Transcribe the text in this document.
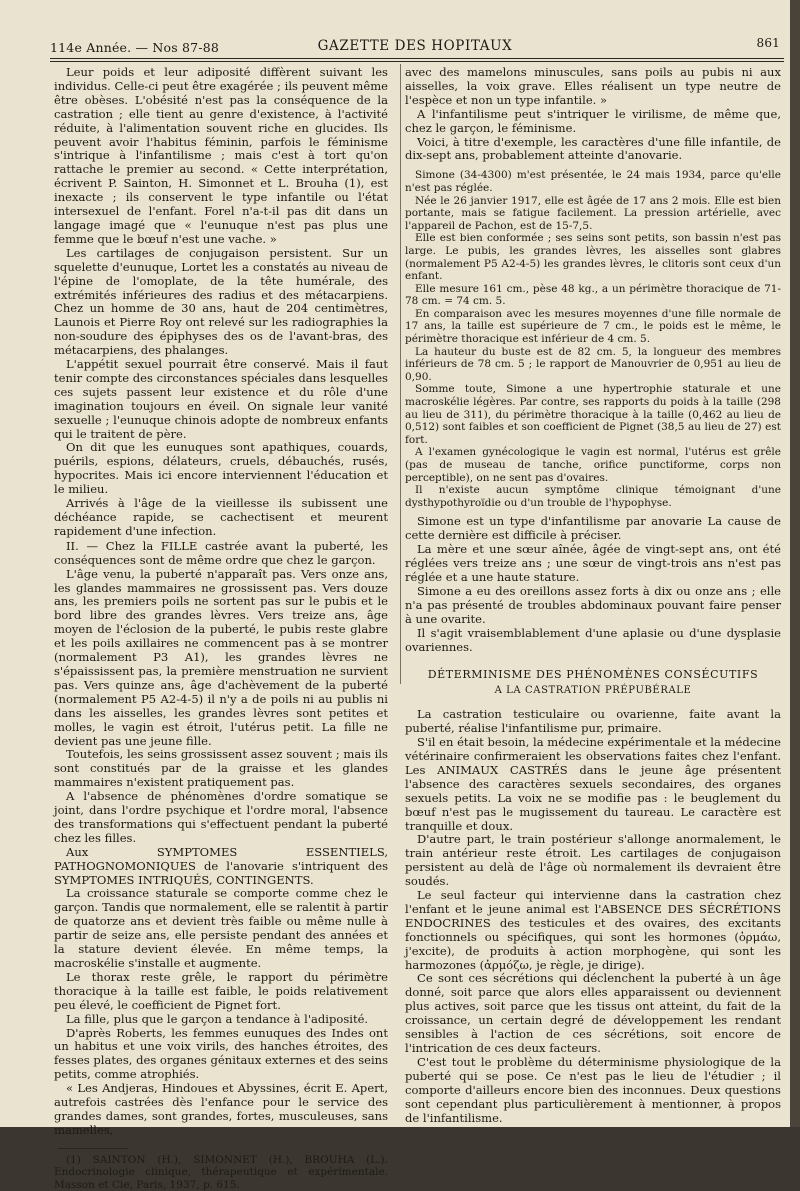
114e Année. — Nos 87-88	GAZETTE DES HOPITAUX	861

Leur poids et leur adiposité diffèrent suivant les individus. Celle-ci peut être exagérée ; ils peuvent même être obèses. L'obésité n'est pas la conséquence de la castration ; elle tient au genre d'existence, à l'activité réduite, à l'alimentation souvent riche en glucides. Ils peuvent avoir l'habitus féminin, parfois le féminisme s'intrique à l'infantilisme ; mais c'est à tort qu'on rattache le premier au second. « Cette interprétation, écrivent P. Sainton, H. Simonnet et L. Brouha (1), est inexacte ; ils conservent le type infantile ou l'état intersexuel de l'enfant. Forel n'a-t-il pas dit dans un langage imagé que « l'eunuque n'est pas plus une femme que le bœuf n'est une vache. »

Les cartilages de conjugaison persistent. Sur un squelette d'eunuque, Lortet les a constatés au niveau de l'épine de l'omoplate, de la tête humérale, des extrémités inférieures des radius et des métacarpiens. Chez un homme de 30 ans, haut de 204 centimètres, Launois et Pierre Roy ont relevé sur les radiographies la non-soudure des épiphyses des os de l'avant-bras, des métacarpiens, des phalanges.

L'appétit sexuel pourrait être conservé. Mais il faut tenir compte des circonstances spéciales dans lesquelles ces sujets passent leur existence et du rôle d'une imagination toujours en éveil. On signale leur vanité sexuelle ; l'eunuque chinois adopte de nombreux enfants qui le traitent de père.

On dit que les eunuques sont apathiques, couards, puérils, espions, délateurs, cruels, débauchés, rusés, hypocrites. Mais ici encore interviennent l'éducation et le milieu.

Arrivés à l'âge de la vieillesse ils subissent une déchéance rapide, se cachectisent et meurent rapidement d'une infection.

II. — Chez la FILLE castrée avant la puberté, les conséquences sont de même ordre que chez le garçon.

L'âge venu, la puberté n'apparaît pas. Vers onze ans, les glandes mammaires ne grossissent pas. Vers douze ans, les premiers poils ne sortent pas sur le pubis et le bord libre des grandes lèvres. Vers treize ans, âge moyen de l'éclosion de la puberté, le pubis reste glabre et les poils axillaires ne commencent pas à se montrer (normalement P3 A1), les grandes lèvres ne s'épaississent pas, la première menstruation ne survient pas. Vers quinze ans, âge d'achèvement de la puberté (normalement P5 A2-4-5) il n'y a de poils ni au publis ni dans les aisselles, les grandes lèvres sont petites et molles, le vagin est étroit, l'utérus petit. La fille ne devient pas une jeune fille.

Toutefois, les seins grossissent assez souvent ; mais ils sont constitués par de la graisse et les glandes mammaires n'existent pratiquement pas.

A l'absence de phénomènes d'ordre somatique se joint, dans l'ordre psychique et l'ordre moral, l'absence des transformations qui s'effectuent pendant la puberté chez les filles.

Aux SYMPTOMES ESSENTIELS, PATHOGNOMONIQUES de l'anovarie s'intriquent des SYMPTOMES INTRIQUÉS, CONTINGENTS.

La croissance staturale se comporte comme chez le garçon. Tandis que normalement, elle se ralentit à partir de quatorze ans et devient très faible ou même nulle à partir de seize ans, elle persiste pendant des années et la stature devient élevée. En même temps, la macroskélie s'installe et augmente.

Le thorax reste grêle, le rapport du périmètre thoracique à la taille est faible, le poids relativement peu élevé, le coefficient de Pignet fort.

La fille, plus que le garçon a tendance à l'adiposité.

D'après Roberts, les femmes eunuques des Indes ont un habitus et une voix virils, des hanches étroites, des fesses plates, des organes génitaux externes et des seins petits, comme atrophiés.

« Les Andjeras, Hindoues et Abyssines, écrit E. Apert, autrefois castrées dès l'enfance pour le service des grandes dames, sont grandes, fortes, musculeuses, sans mamelles,

(1) SAINTON (H.), SIMONNET (H.), BROUHA (L.). Endocrinologie clinique, thérapeutique et expérimentale. Masson et Cie, Paris, 1937, p. 615.

avec des mamelons minuscules, sans poils au pubis ni aux aisselles, la voix grave. Elles réalisent un type neutre de l'espèce et non un type infantile. »

A l'infantilisme peut s'intriquer le virilisme, de même que, chez le garçon, le féminisme.

Voici, à titre d'exemple, les caractères d'une fille infantile, de dix-sept ans, probablement atteinte d'anovarie.

Simone (34-4300) m'est présentée, le 24 mais 1934, parce qu'elle n'est pas réglée.

Née le 26 janvier 1917, elle est âgée de 17 ans 2 mois. Elle est bien portante, mais se fatigue facilement. La pression artérielle, avec l'appareil de Pachon, est de 15-7,5.

Elle est bien conformée ; ses seins sont petits, son bassin n'est pas large. Le pubis, les grandes lèvres, les aisselles sont glabres (normalement P5 A2-4-5) les grandes lèvres, le clitoris sont ceux d'un enfant.

Elle mesure 161 cm., pèse 48 kg., a un périmètre thoracique de 71-78 cm. = 74 cm. 5.

En comparaison avec les mesures moyennes d'une fille normale de 17 ans, la taille est supérieure de 7 cm., le poids est le même, le périmètre thoracique est inférieur de 4 cm. 5.

La hauteur du buste est de 82 cm. 5, la longueur des membres inférieurs de 78 cm. 5 ; le rapport de Manouvrier de 0,951 au lieu de 0,90.

Somme toute, Simone a une hypertrophie staturale et une macroskélie légères. Par contre, ses rapports du poids à la taille (298 au lieu de 311), du périmètre thoracique à la taille (0,462 au lieu de 0,512) sont faibles et son coefficient de Pignet (38,5 au lieu de 27) est fort.

A l'examen gynécologique le vagin est normal, l'utérus est grêle (pas de museau de tanche, orifice punctiforme, corps non perceptible), on ne sent pas d'ovaires.

Il n'existe aucun symptôme clinique témoignant d'une dysthypothyroïdie ou d'un trouble de l'hypophyse.

Simone est un type d'infantilisme par anovarie La cause de cette dernière est difficile à préciser.

La mère et une sœur aînée, âgée de vingt-sept ans, ont été réglées vers treize ans ; une sœur de vingt-trois ans n'est pas réglée et a une haute stature.

Simone a eu des oreillons assez forts à dix ou onze ans ; elle n'a pas présenté de troubles abdominaux pouvant faire penser à une ovarite.

Il s'agit vraisemblablement d'une aplasie ou d'une dysplasie ovariennes.

DÉTERMINISME DES PHÉNOMÈNES CONSÉCUTIFS

A LA CASTRATION PRÉPUBÉRALE

La castration testiculaire ou ovarienne, faite avant la puberté, réalise l'infantilisme pur, primaire.

S'il en était besoin, la médecine expérimentale et la médecine vétérinaire confirmeraient les observations faites chez l'enfant. Les ANIMAUX CASTRÉS dans le jeune âge présentent l'absence des caractères sexuels secondaires, des organes sexuels petits. La voix ne se modifie pas : le beuglement du bœuf n'est pas le mugissement du taureau. Le caractère est tranquille et doux.

D'autre part, le train postérieur s'allonge anormalement, le train antérieur reste étroit. Les cartilages de conjugaison persistent au delà de l'âge où normalement ils devraient être soudés.

Le seul facteur qui intervienne dans la castration chez l'enfant et le jeune animal est l'ABSENCE DES SÉCRÉTIONS ENDOCRINES des testicules et des ovaires, des excitants fonctionnels ou spécifiques, qui sont les hormones (ὁρμάω, j'excite), de produits à action morphogène, qui sont les harmozones (ἁρμόζω, je règle, je dirige).

Ce sont ces sécrétions qui déclenchent la puberté à un âge donné, soit parce que alors elles apparaissent ou deviennent plus actives, soit parce que les tissus ont atteint, du fait de la croissance, un certain degré de développement les rendant sensibles à l'action de ces sécrétions, soit encore de l'intrication de ces deux facteurs.

C'est tout le problème du déterminisme physiologique de la puberté qui se pose. Ce n'est pas le lieu de l'étudier ; il comporte d'ailleurs encore bien des inconnues. Deux questions sont cependant plus particulièrement à mentionner, à propos de l'infantilisme.
